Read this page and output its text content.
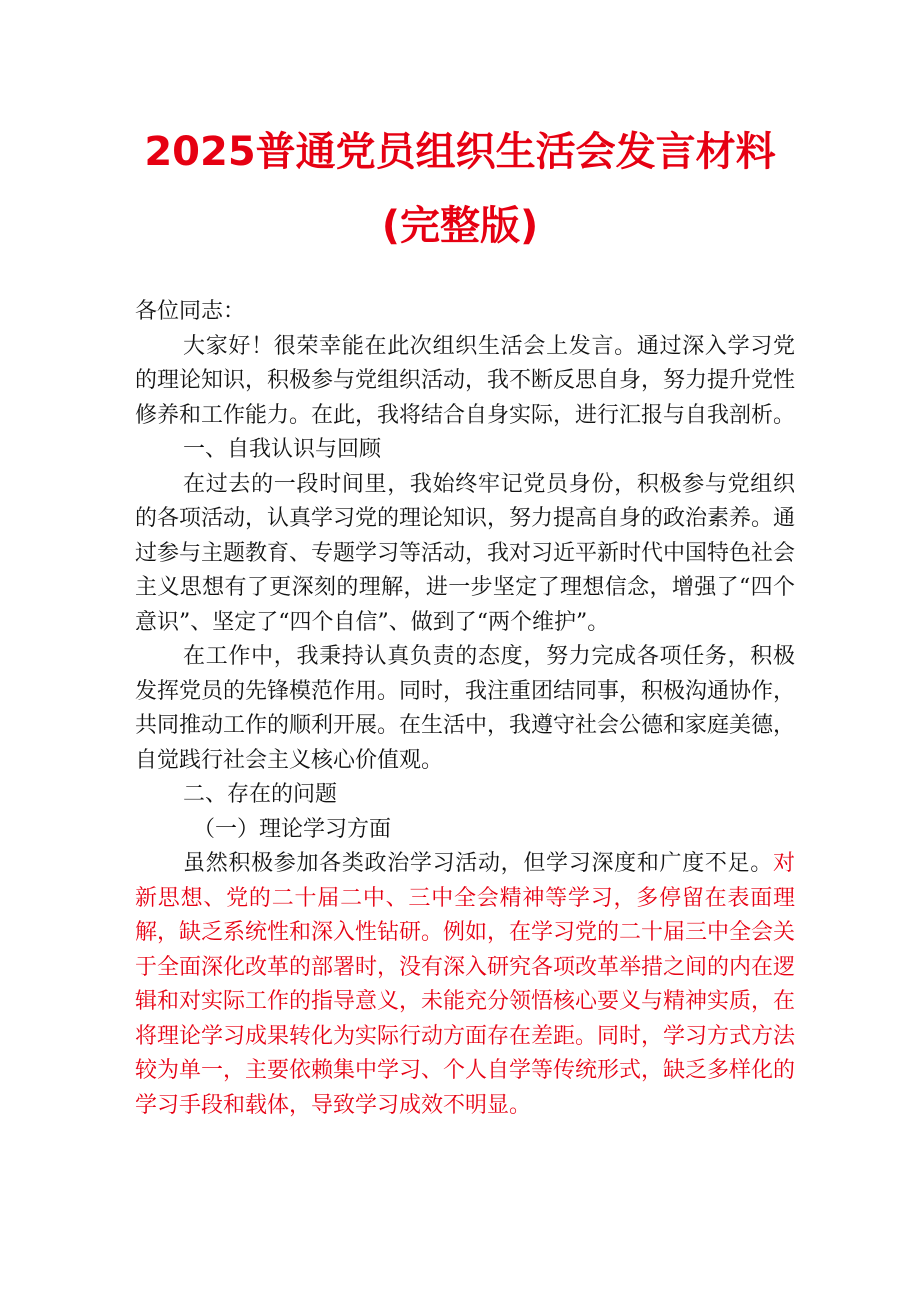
2025普通党员组织生活会发言材料
(完整版)

各位同志：

大家好！很荣幸能在此次组织生活会上发言。通过深入学习党的理论知识，积极参与党组织活动，我不断反思自身，努力提升党性修养和工作能力。在此，我将结合自身实际，进行汇报与自我剖析。

一、自我认识与回顾

在过去的一段时间里，我始终牢记党员身份，积极参与党组织的各项活动，认真学习党的理论知识，努力提高自身的政治素养。通过参与主题教育、专题学习等活动，我对习近平新时代中国特色社会主义思想有了更深刻的理解，进一步坚定了理想信念，增强了“四个意识”、坚定了“四个自信”、做到了“两个维护”。

在工作中，我秉持认真负责的态度，努力完成各项任务，积极发挥党员的先锋模范作用。同时，我注重团结同事，积极沟通协作，共同推动工作的顺利开展。在生活中，我遵守社会公德和家庭美德，自觉践行社会主义核心价值观。

二、存在的问题

（一）理论学习方面

虽然积极参加各类政治学习活动，但学习深度和广度不足。对新思想、党的二十届二中、三中全会精神等学习，多停留在表面理解，缺乏系统性和深入性钻研。例如，在学习党的二十届三中全会关于全面深化改革的部署时，没有深入研究各项改革举措之间的内在逻辑和对实际工作的指导意义，未能充分领悟核心要义与精神实质，在将理论学习成果转化为实际行动方面存在差距。同时，学习方式方法较为单一，主要依赖集中学习、个人自学等传统形式，缺乏多样化的学习手段和载体，导致学习成效不明显。
